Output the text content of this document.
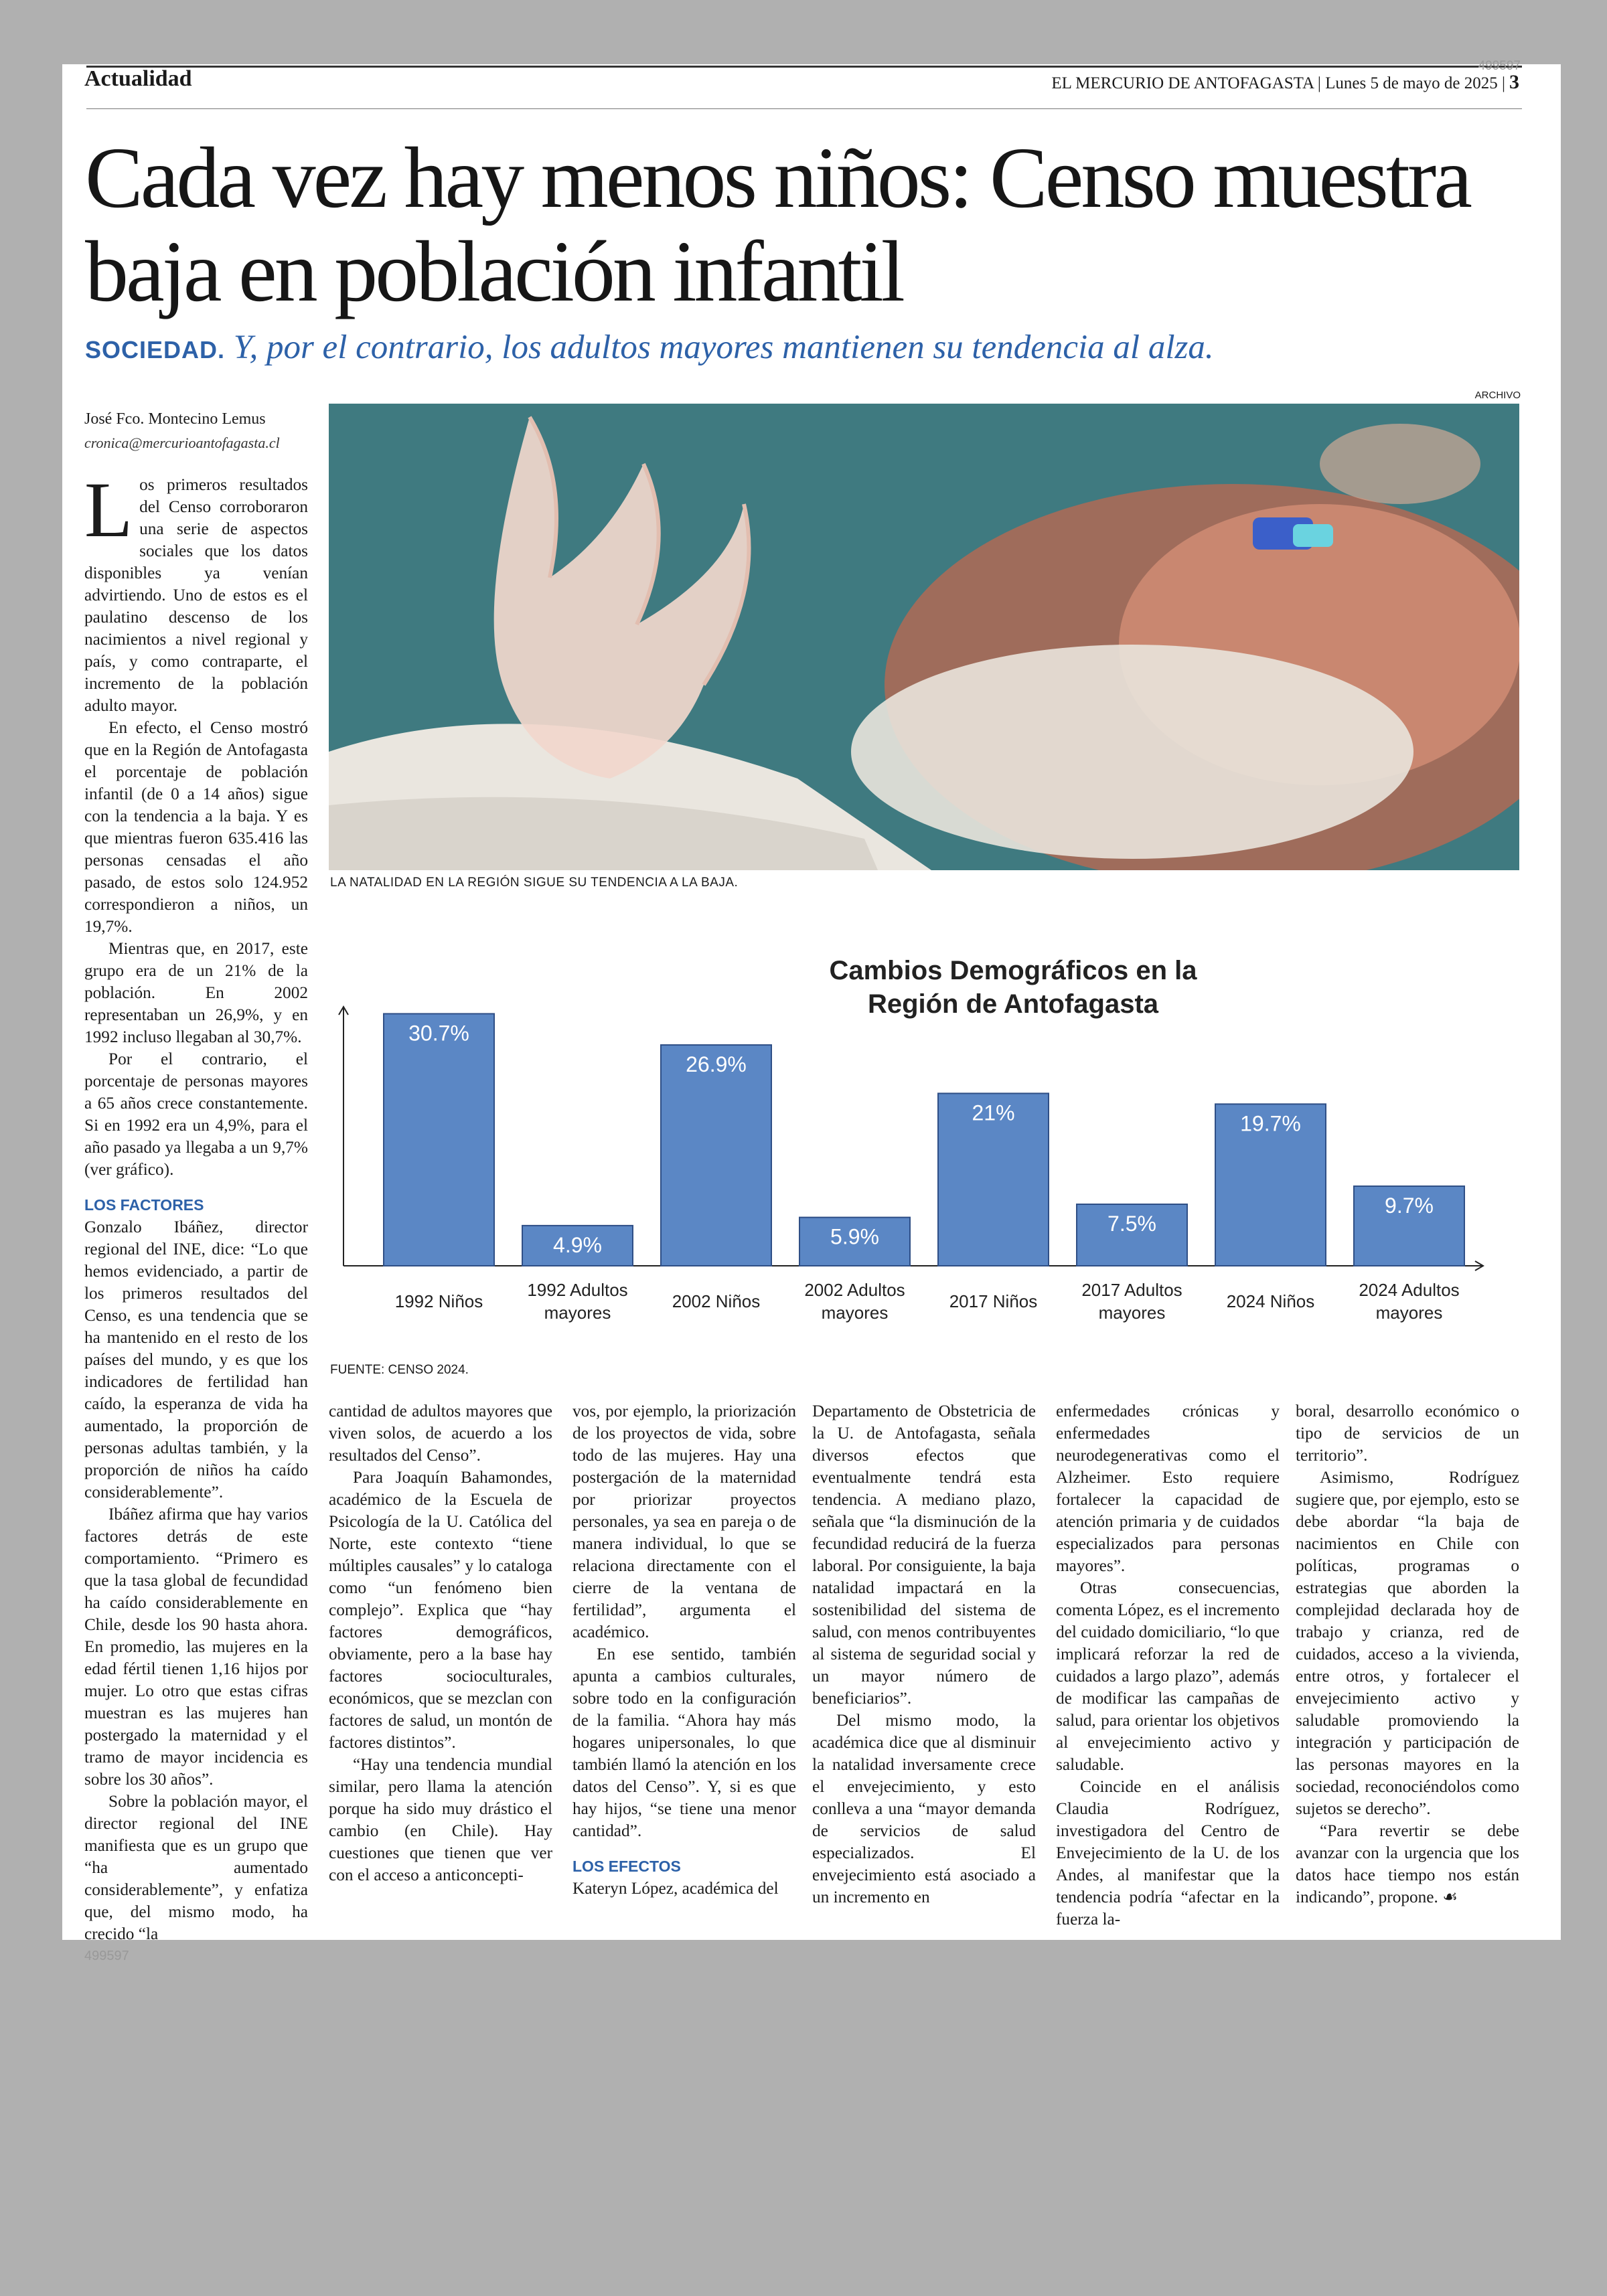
Actualidad
499597
EL MERCURIO DE ANTOFAGASTA | Lunes 5 de mayo de 2025 | 3
Cada vez hay menos niños: Censo muestra baja en población infantil
SOCIEDAD. Y, por el contrario, los adultos mayores mantienen su tendencia al alza.
José Fco. Montecino Lemus
cronica@mercurioantofagasta.cl
ARCHIVO
LA NATALIDAD EN LA REGIÓN SIGUE SU TENDENCIA A LA BAJA.
Cambios Demográficos en la
Región de Antofagasta
30.7%
1992 Niños
4.9%
1992 Adultos
mayores
26.9%
2002 Niños
5.9%
2002 Adultos
mayores
21%
2017 Niños
7.5%
2017 Adultos
mayores
19.7%
2024 Niños
9.7%
2024 Adultos
mayores
FUENTE: CENSO 2024.

Los primeros resultados del Censo corroboraron una serie de aspectos sociales que los datos disponibles ya venían advirtiendo. Uno de estos es el paulatino descenso de los nacimientos a nivel regional y país, y como contraparte, el incremento de la población adulto mayor.

En efecto, el Censo mostró que en la Región de Antofagasta el porcentaje de población infantil (de 0 a 14 años) sigue con la tendencia a la baja. Y es que mientras fueron 635.416 las personas censadas el año pasado, de estos solo 124.952 correspondieron a niños, un 19,7%.

Mientras que, en 2017, este grupo era de un 21% de la población. En 2002 representaban un 26,9%, y en 1992 incluso llegaban al 30,7%.

Por el contrario, el porcentaje de personas mayores a 65 años crece constantemente. Si en 1992 era un 4,9%, para el año pasado ya llegaba a un 9,7% (ver gráfico).

LOS FACTORES

Gonzalo Ibáñez, director regional del INE, dice: “Lo que hemos evidenciado, a partir de los primeros resultados del Censo, es una tendencia que se ha mantenido en el resto de los países del mundo, y es que los indicadores de fertilidad han caído, la esperanza de vida ha aumentado, la proporción de personas adultas también, y la proporción de niños ha caído considerablemente”.

Ibáñez afirma que hay varios factores detrás de este comportamiento. “Primero es que la tasa global de fecundidad ha caído considerablemente en Chile, desde los 90 hasta ahora. En promedio, las mujeres en la edad fértil tienen 1,16 hijos por mujer. Lo otro que estas cifras muestran es las mujeres han postergado la maternidad y el tramo de mayor incidencia es sobre los 30 años”.

Sobre la población mayor, el director regional del INE manifiesta que es un grupo que “ha aumentado considerablemente”, y enfatiza que, del mismo modo, ha crecido “la

499597

cantidad de adultos mayores que viven solos, de acuerdo a los resultados del Censo”.

Para Joaquín Bahamondes, académico de la Escuela de Psicología de la U. Católica del Norte, este contexto “tiene múltiples causales” y lo cataloga como “un fenómeno bien complejo”. Explica que “hay factores demográficos, obviamente, pero a la base hay factores socioculturales, económicos, que se mezclan con factores de salud, un montón de factores distintos”.

“Hay una tendencia mundial similar, pero llama la atención porque ha sido muy drástico el cambio (en Chile). Hay cuestiones que tienen que ver con el acceso a anticoncepti-

vos, por ejemplo, la priorización de los proyectos de vida, sobre todo de las mujeres. Hay una postergación de la maternidad por priorizar proyectos personales, ya sea en pareja o de manera individual, lo que se relaciona directamente con el cierre de la ventana de fertilidad”, argumenta el académico.

En ese sentido, también apunta a cambios culturales, sobre todo en la configuración de la familia. “Ahora hay más hogares unipersonales, lo que también llamó la atención en los datos del Censo”. Y, si es que hay hijos, “se tiene una menor cantidad”.

LOS EFECTOS

Kateryn López, académica del

Departamento de Obstetricia de la U. de Antofagasta, señala diversos efectos que eventualmente tendrá esta tendencia. A mediano plazo, señala que “la disminución de la fecundidad reducirá de la fuerza laboral. Por consiguiente, la baja natalidad impactará en la sostenibilidad del sistema de salud, con menos contribuyentes al sistema de seguridad social y un mayor número de beneficiarios”.

Del mismo modo, la académica dice que al disminuir la natalidad inversamente crece el envejecimiento, y esto conlleva a una “mayor demanda de servicios de salud especializados. El envejecimiento está asociado a un incremento en

enfermedades crónicas y enfermedades neurodegenerativas como el Alzheimer. Esto requiere fortalecer la capacidad de atención primaria y de cuidados especializados para personas mayores”.

Otras consecuencias, comenta López, es el incremento del cuidado domiciliario, “lo que implicará reforzar la red de cuidados a largo plazo”, además de modificar las campañas de salud, para orientar los objetivos al envejecimiento activo y saludable.

Coincide en el análisis Claudia Rodríguez, investigadora del Centro de Envejecimiento de la U. de los Andes, al manifestar que la tendencia podría “afectar en la fuerza la-

boral, desarrollo económico o tipo de servicios de un territorio”.

Asimismo, Rodríguez sugiere que, por ejemplo, esto se debe abordar “la baja de nacimientos en Chile con políticas, programas o estrategias que aborden la complejidad declarada hoy de trabajo y crianza, red de cuidados, acceso a la vivienda, entre otros, y fortalecer el envejecimiento activo y saludable promoviendo la integración y participación de las personas mayores en la sociedad, reconociéndolos como sujetos se derecho”.

“Para revertir se debe avanzar con la urgencia que los datos hace tiempo nos están indicando”, propone. ☙
